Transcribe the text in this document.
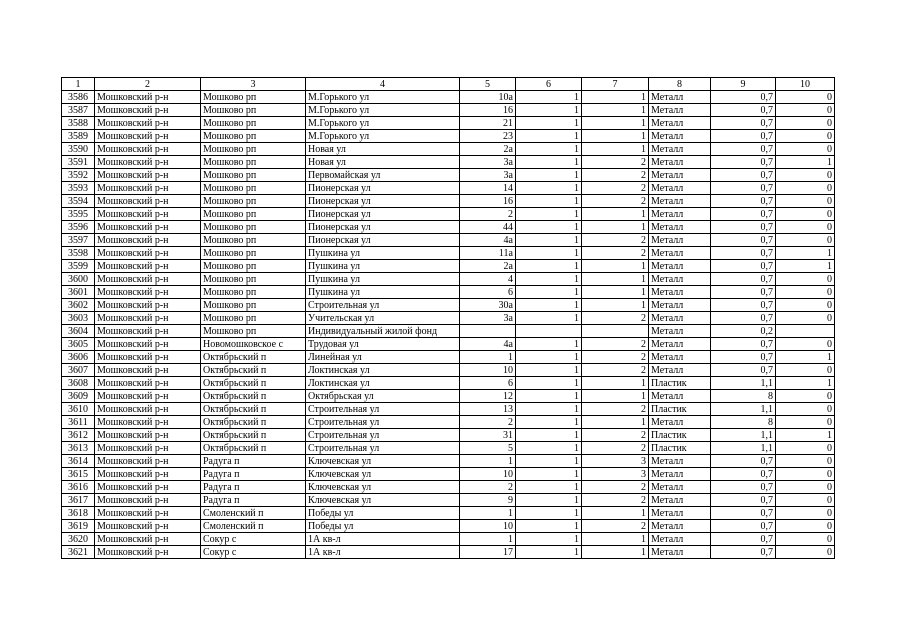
1	2	3	4	5	6	7	8	9	10
3586	Мошковский р-н	Мошково рп	М.Горького ул	10а	1	1	Металл	0,7	0
3587	Мошковский р-н	Мошково рп	М.Горького ул	16	1	1	Металл	0,7	0
3588	Мошковский р-н	Мошково рп	М.Горького ул	21	1	1	Металл	0,7	0
3589	Мошковский р-н	Мошково рп	М.Горького ул	23	1	1	Металл	0,7	0
3590	Мошковский р-н	Мошково рп	Новая ул	2а	1	1	Металл	0,7	0
3591	Мошковский р-н	Мошково рп	Новая ул	3а	1	2	Металл	0,7	1
3592	Мошковский р-н	Мошково рп	Первомайская ул	3а	1	2	Металл	0,7	0
3593	Мошковский р-н	Мошково рп	Пионерская ул	14	1	2	Металл	0,7	0
3594	Мошковский р-н	Мошково рп	Пионерская ул	16	1	2	Металл	0,7	0
3595	Мошковский р-н	Мошково рп	Пионерская ул	2	1	1	Металл	0,7	0
3596	Мошковский р-н	Мошково рп	Пионерская ул	44	1	1	Металл	0,7	0
3597	Мошковский р-н	Мошково рп	Пионерская ул	4а	1	2	Металл	0,7	0
3598	Мошковский р-н	Мошково рп	Пушкина ул	11а	1	2	Металл	0,7	1
3599	Мошковский р-н	Мошково рп	Пушкина ул	2а	1	1	Металл	0,7	1
3600	Мошковский р-н	Мошково рп	Пушкина ул	4	1	1	Металл	0,7	0
3601	Мошковский р-н	Мошково рп	Пушкина ул	6	1	1	Металл	0,7	0
3602	Мошковский р-н	Мошково рп	Строительная ул	30а	1	1	Металл	0,7	0
3603	Мошковский р-н	Мошково рп	Учительская ул	3а	1	2	Металл	0,7	0
3604	Мошковский р-н	Мошково рп	Индивидуальный жилой фонд				Металл	0,2	
3605	Мошковский р-н	Новомошковское с	Трудовая ул	4а	1	2	Металл	0,7	0
3606	Мошковский р-н	Октябрьский п	Линейная ул	1	1	2	Металл	0,7	1
3607	Мошковский р-н	Октябрьский п	Локтинская ул	10	1	2	Металл	0,7	0
3608	Мошковский р-н	Октябрьский п	Локтинская ул	6	1	1	Пластик	1,1	1
3609	Мошковский р-н	Октябрьский п	Октябрьская ул	12	1	1	Металл	8	0
3610	Мошковский р-н	Октябрьский п	Строительная ул	13	1	2	Пластик	1,1	0
3611	Мошковский р-н	Октябрьский п	Строительная ул	2	1	1	Металл	8	0
3612	Мошковский р-н	Октябрьский п	Строительная ул	31	1	2	Пластик	1,1	1
3613	Мошковский р-н	Октябрьский п	Строительная ул	5	1	2	Пластик	1,1	0
3614	Мошковский р-н	Радуга п	Ключевская ул	1	1	3	Металл	0,7	0
3615	Мошковский р-н	Радуга п	Ключевская ул	10	1	3	Металл	0,7	0
3616	Мошковский р-н	Радуга п	Ключевская ул	2	1	2	Металл	0,7	0
3617	Мошковский р-н	Радуга п	Ключевская ул	9	1	2	Металл	0,7	0
3618	Мошковский р-н	Смоленский п	Победы ул	1	1	1	Металл	0,7	0
3619	Мошковский р-н	Смоленский п	Победы ул	10	1	2	Металл	0,7	0
3620	Мошковский р-н	Сокур с	1А кв-л	1	1	1	Металл	0,7	0
3621	Мошковский р-н	Сокур с	1А кв-л	17	1	1	Металл	0,7	0
